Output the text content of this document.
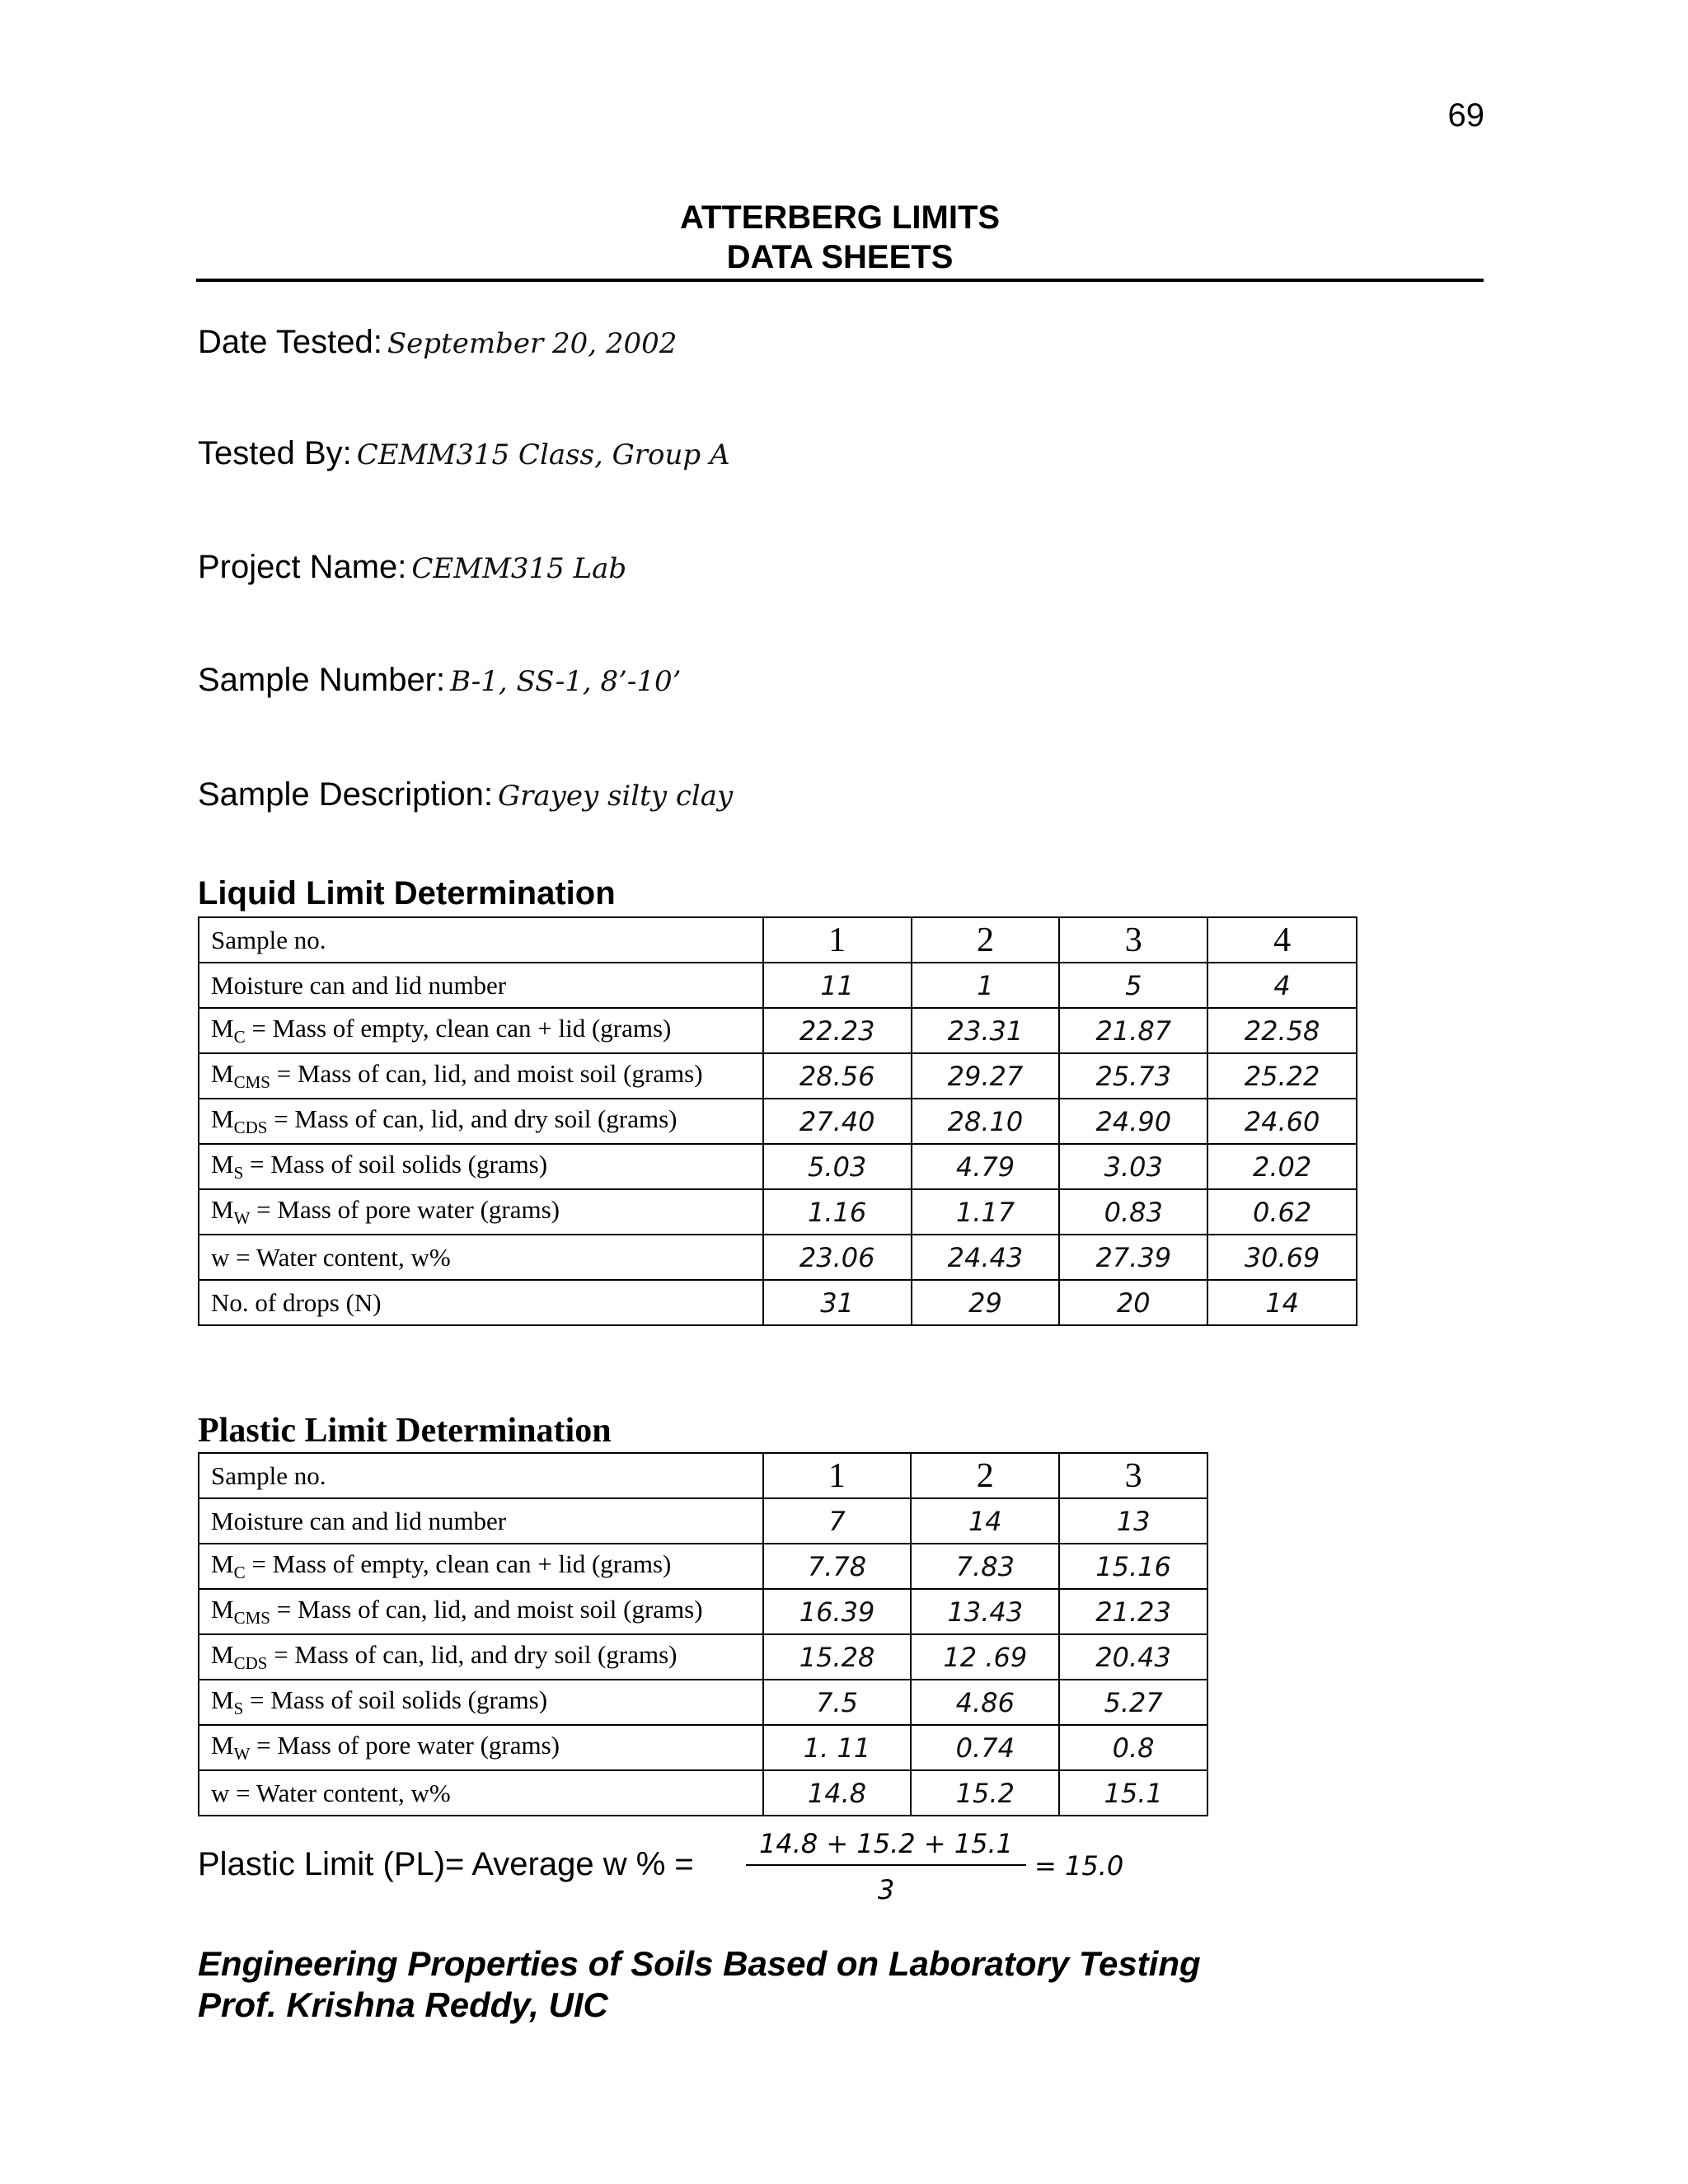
69
ATTERBERG LIMITS
DATA SHEETS
Date Tested: September 20, 2002
Tested By: CEMM315 Class, Group A
Project Name: CEMM315 Lab
Sample Number: B-1, SS-1, 8’-10’
Sample Description: Grayey silty clay
Liquid Limit Determination
Sample no.	1	2	3	4
Moisture can and lid number	11	1	5	4
$M_C$ = Mass of empty, clean can + lid (grams)	22.23	23.31	21.87	22.58
$M_{CMS}$ = Mass of can, lid, and moist soil (grams)	28.56	29.27	25.73	25.22
$M_{CDS}$ = Mass of can, lid, and dry soil (grams)	27.40	28.10	24.90	24.60
$M_S$ = Mass of soil solids (grams)	5.03	4.79	3.03	2.02
$M_W$ = Mass of pore water (grams)	1.16	1.17	0.83	0.62
w = Water content, w%	23.06	24.43	27.39	30.69
No. of drops (N)	31	29	20	14
Plastic Limit Determination
Sample no.	1	2	3
Moisture can and lid number	7	14	13
$M_C$ = Mass of empty, clean can + lid (grams)	7.78	7.83	15.16
$M_{CMS}$ = Mass of can, lid, and moist soil (grams)	16.39	13.43	21.23
$M_{CDS}$ = Mass of can, lid, and dry soil (grams)	15.28	12 .69	20.43
$M_S$ = Mass of soil solids (grams)	7.5	4.86	5.27
$M_W$ = Mass of pore water (grams)	1. 11	0.74	0.8
w = Water content, w%	14.8	15.2	15.1
Plastic Limit (PL)= Average w % = $\frac{14.8 + 15.2 + 15.1}{3} = 15.0$
Engineering Properties of Soils Based on Laboratory Testing
Prof. Krishna Reddy, UIC
